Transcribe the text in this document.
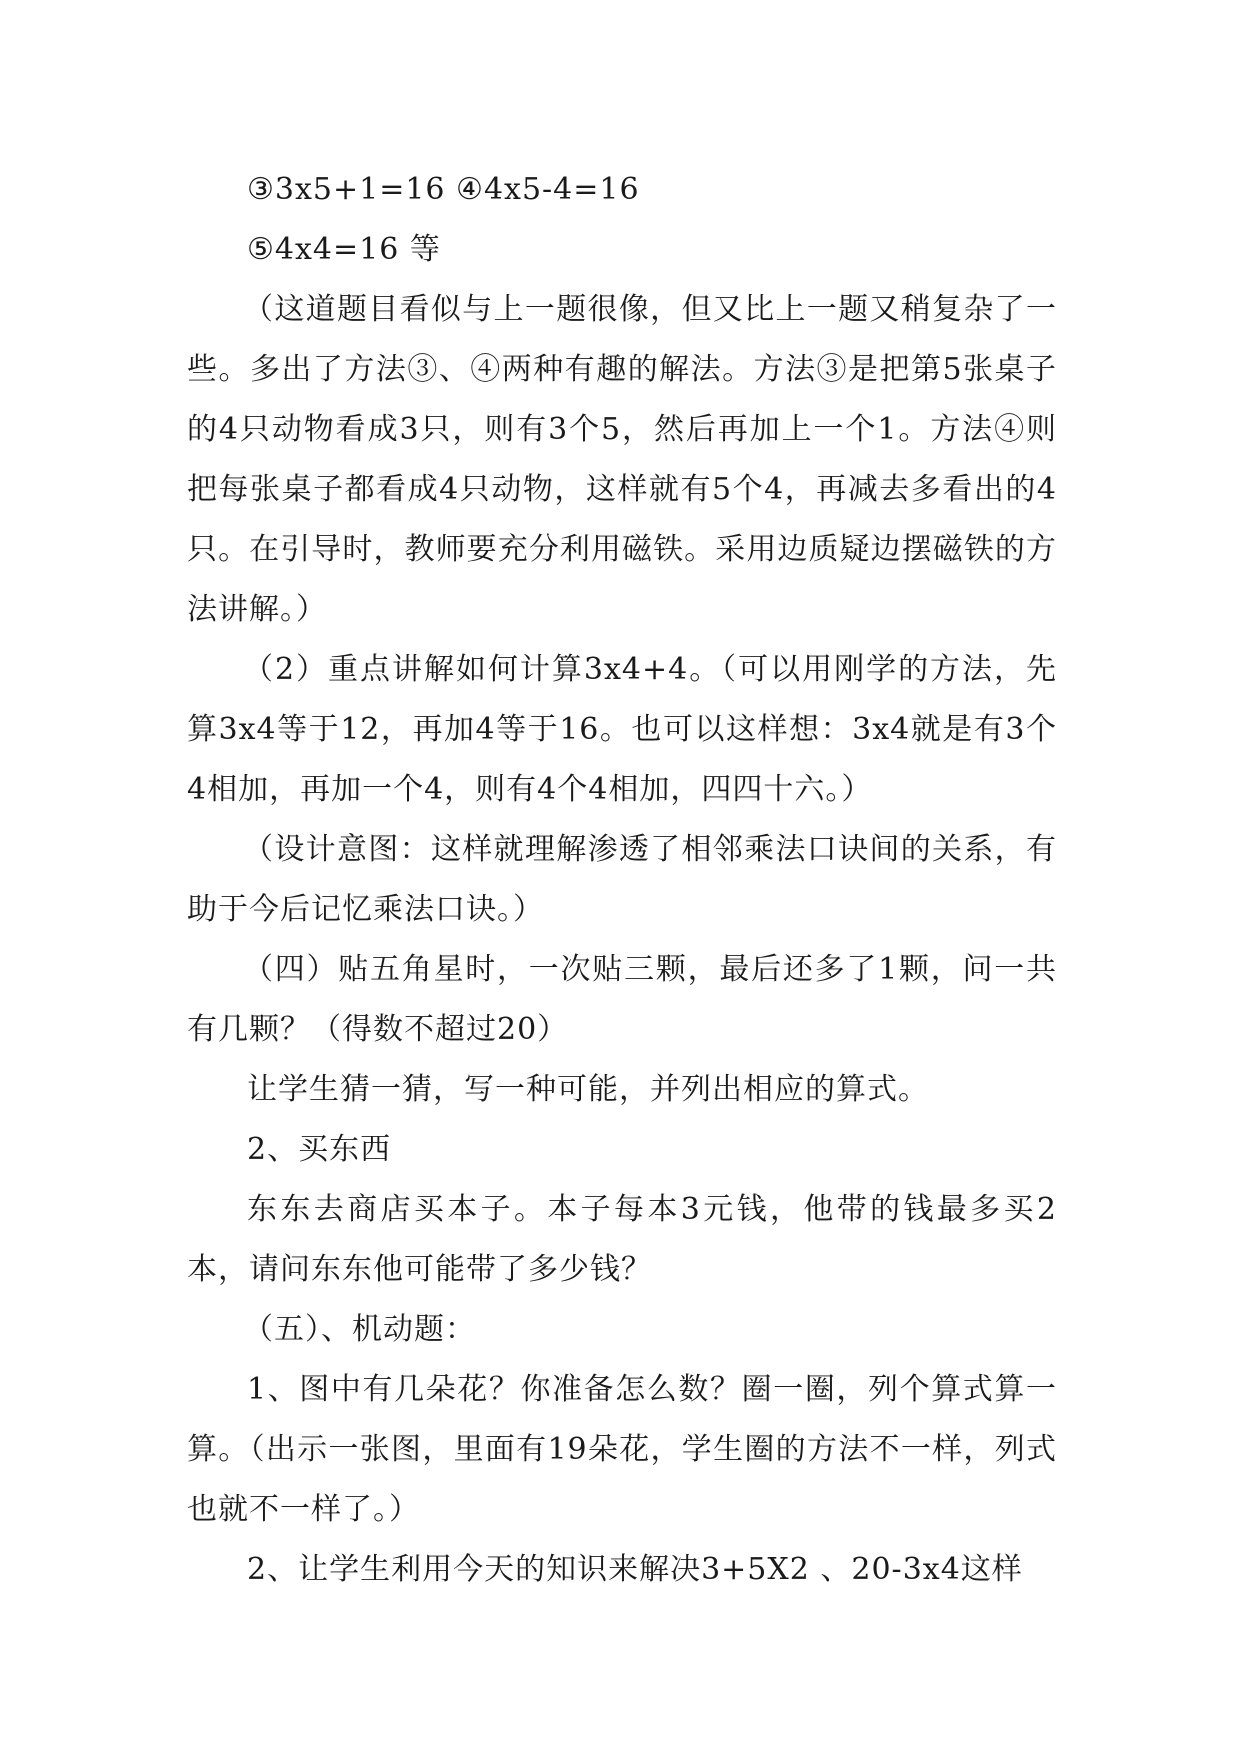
③3x5+1=16 ④4x5-4=16

⑤4x4=16 等

（这道题目看似与上一题很像，但又比上一题又稍复杂了一些。多出了方法③、④两种有趣的解法。方法③是把第5张桌子的4只动物看成3只，则有3个5，然后再加上一个1。方法④则把每张桌子都看成4只动物，这样就有5个4，再减去多看出的4只。在引导时，教师要充分利用磁铁。采用边质疑边摆磁铁的方法讲解。）

（2）重点讲解如何计算3x4+4。（可以用刚学的方法，先算3x4等于12，再加4等于16。也可以这样想：3x4就是有3个4相加，再加一个4，则有4个4相加，四四十六。）

（设计意图：这样就理解渗透了相邻乘法口诀间的关系，有助于今后记忆乘法口诀。）

（四）贴五角星时，一次贴三颗，最后还多了1颗，问一共有几颗？（得数不超过20）

让学生猜一猜，写一种可能，并列出相应的算式。

2、买东西

东东去商店买本子。本子每本3元钱，他带的钱最多买2本，请问东东他可能带了多少钱？

（五）、机动题：

1、图中有几朵花？你准备怎么数？圈一圈，列个算式算一算。（出示一张图，里面有19朵花，学生圈的方法不一样，列式也就不一样了。）

2、让学生利用今天的知识来解决3+5X2 、20-3x4这样
